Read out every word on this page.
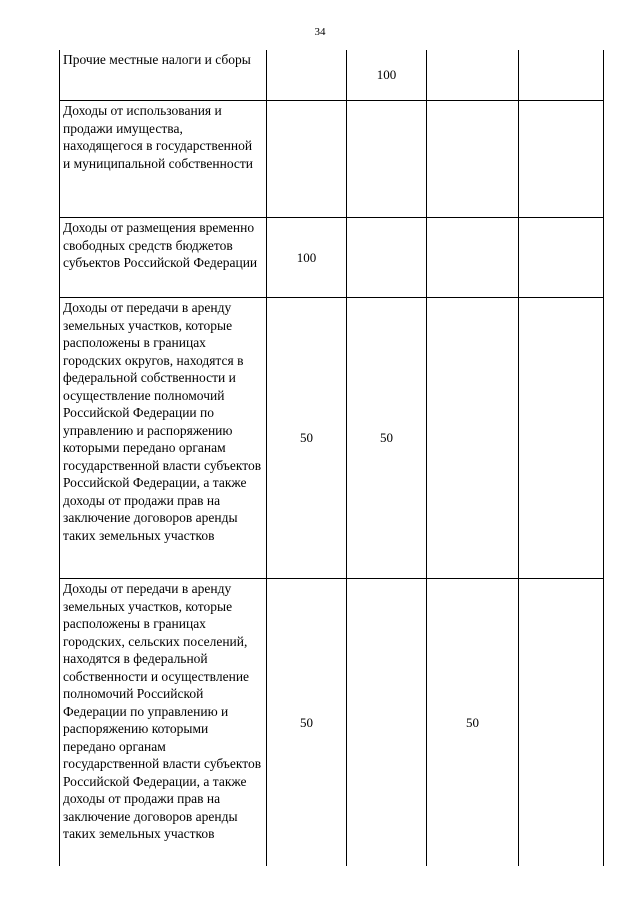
34
Прочие местные налоги и сборы		100		
Доходы от использования и продажи имущества, находящегося в государственной и муниципальной собственности				
Доходы от размещения временно свободных средств бюджетов субъектов Российской Федерации	100			
Доходы от передачи в аренду земельных участков, которые расположены в границах городских округов, находятся в федеральной собственности и осуществление полномочий Российской Федерации по управлению и распоряжению которыми передано органам государственной власти субъектов Российской Федерации, а также доходы от продажи прав на заключение договоров аренды таких земельных участков	50	50		
Доходы от передачи в аренду земельных участков, которые расположены в границах городских, сельских поселений, находятся в федеральной собственности и осуществление полномочий Российской Федерации по управлению и распоряжению которыми передано органам государственной власти субъектов Российской Федерации, а также доходы от продажи прав на заключение договоров аренды таких земельных участков	50		50	
